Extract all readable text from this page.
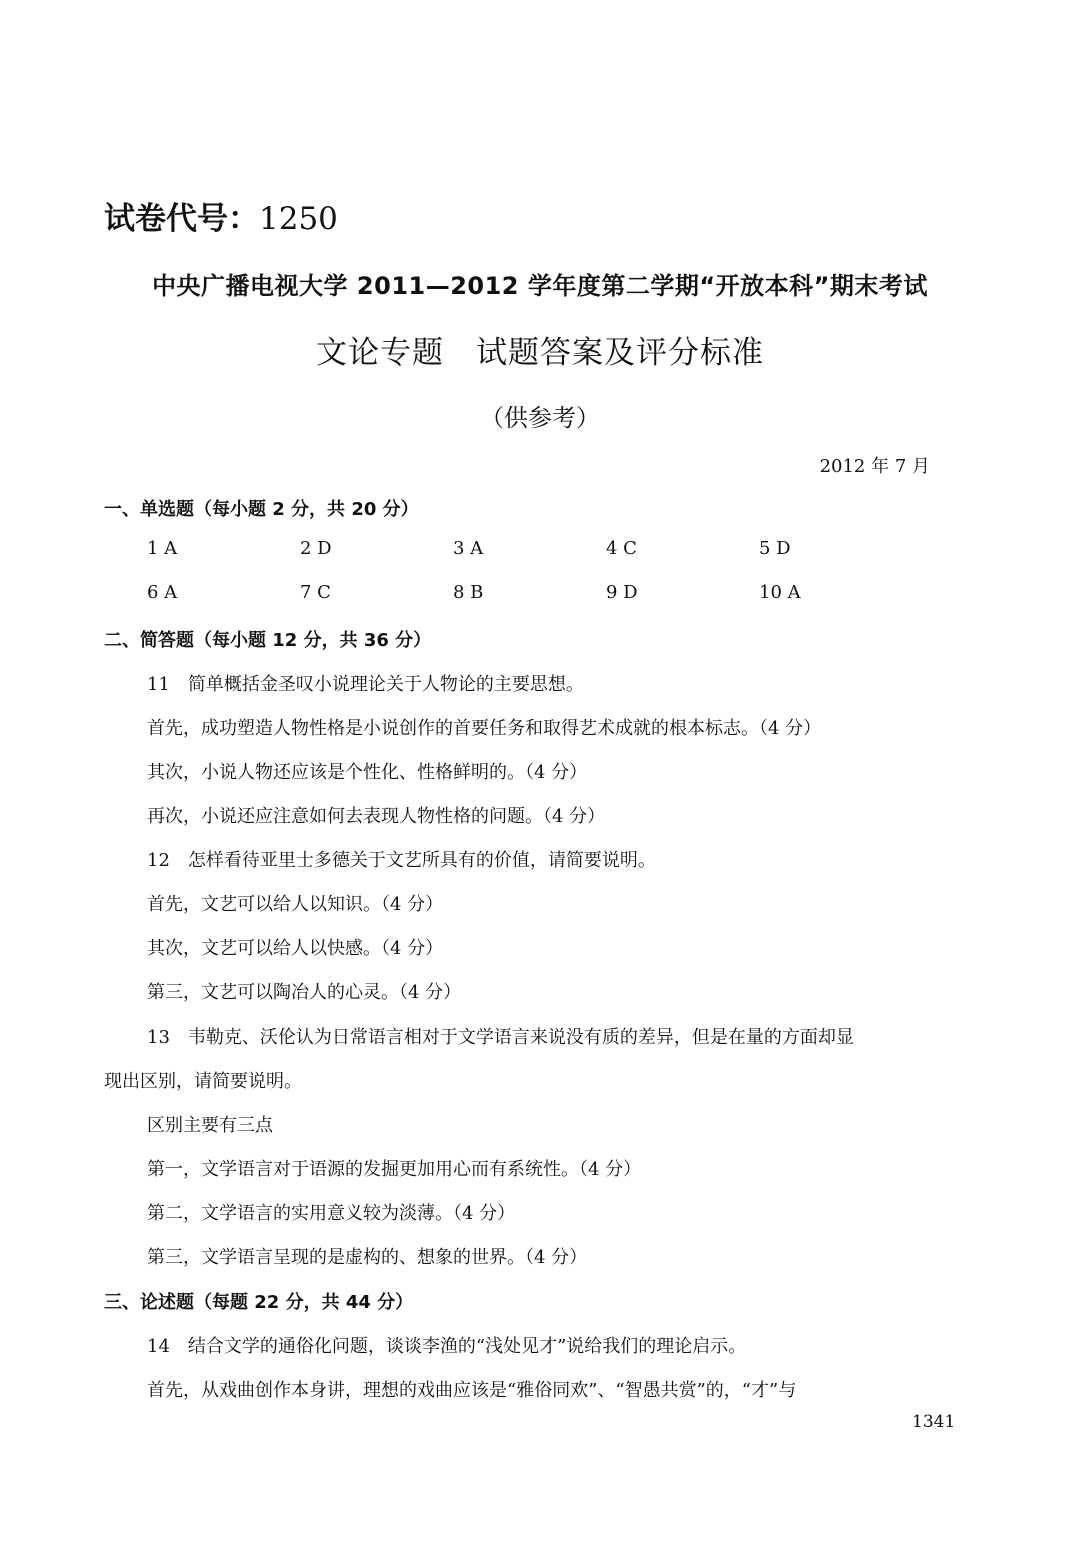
试卷代号：1250
中央广播电视大学 2011—2012 学年度第二学期“开放本科”期末考试
文论专题　试题答案及评分标准
（供参考）
2012 年 7 月
一、单选题（每小题 2 分，共 20 分）
1 A	2 D	3 A	4 C	5 D
6 A	7 C	8 B	9 D	10 A
二、简答题（每小题 12 分，共 36 分）
11　简单概括金圣叹小说理论关于人物论的主要思想。
首先，成功塑造人物性格是小说创作的首要任务和取得艺术成就的根本标志。（4 分）
其次，小说人物还应该是个性化、性格鲜明的。（4 分）
再次，小说还应注意如何去表现人物性格的问题。（4 分）
12　怎样看待亚里士多德关于文艺所具有的价值，请简要说明。
首先，文艺可以给人以知识。（4 分）
其次，文艺可以给人以快感。（4 分）
第三，文艺可以陶冶人的心灵。（4 分）
13　韦勒克、沃伦认为日常语言相对于文学语言来说没有质的差异，但是在量的方面却显
现出区别，请简要说明。
区别主要有三点
第一，文学语言对于语源的发掘更加用心而有系统性。（4 分）
第二，文学语言的实用意义较为淡薄。（4 分）
第三，文学语言呈现的是虚构的、想象的世界。（4 分）
三、论述题（每题 22 分，共 44 分）
14　结合文学的通俗化问题，谈谈李渔的“浅处见才”说给我们的理论启示。
首先，从戏曲创作本身讲，理想的戏曲应该是“雅俗同欢”、“智愚共赏”的，“才”与
1341
